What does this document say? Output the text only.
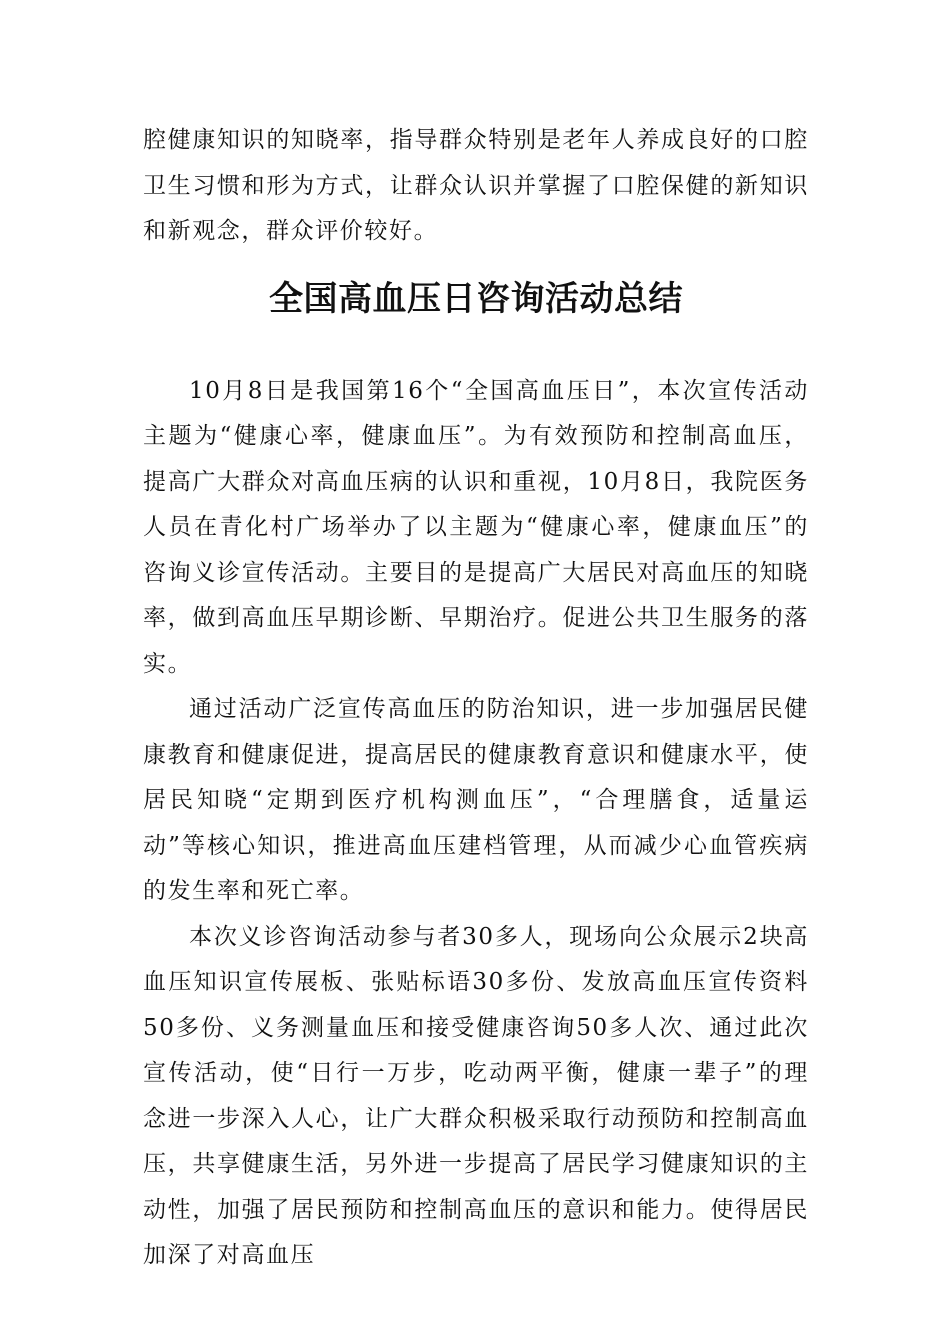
腔健康知识的知晓率，指导群众特别是老年人养成良好的口腔卫生习惯和形为方式，让群众认识并掌握了口腔保健的新知识和新观念，群众评价较好。

全国高血压日咨询活动总结

10月8日是我国第16个“全国高血压日”，本次宣传活动主题为“健康心率，健康血压”。为有效预防和控制高血压，提高广大群众对高血压病的认识和重视，10月8日，我院医务人员在青化村广场举办了以主题为“健康心率，健康血压”的咨询义诊宣传活动。主要目的是提高广大居民对高血压的知晓率，做到高血压早期诊断、早期治疗。促进公共卫生服务的落实。

通过活动广泛宣传高血压的防治知识，进一步加强居民健康教育和健康促进，提高居民的健康教育意识和健康水平，使居民知晓“定期到医疗机构测血压”，“合理膳食，适量运动”等核心知识，推进高血压建档管理，从而减少心血管疾病的发生率和死亡率。

本次义诊咨询活动参与者30多人，现场向公众展示2块高血压知识宣传展板、张贴标语30多份、发放高血压宣传资料50多份、义务测量血压和接受健康咨询50多人次、通过此次宣传活动，使“日行一万步，吃动两平衡，健康一辈子”的理念进一步深入人心，让广大群众积极采取行动预防和控制高血压，共享健康生活，另外进一步提高了居民学习健康知识的主动性，加强了居民预防和控制高血压的意识和能力。使得居民加深了对高血压
